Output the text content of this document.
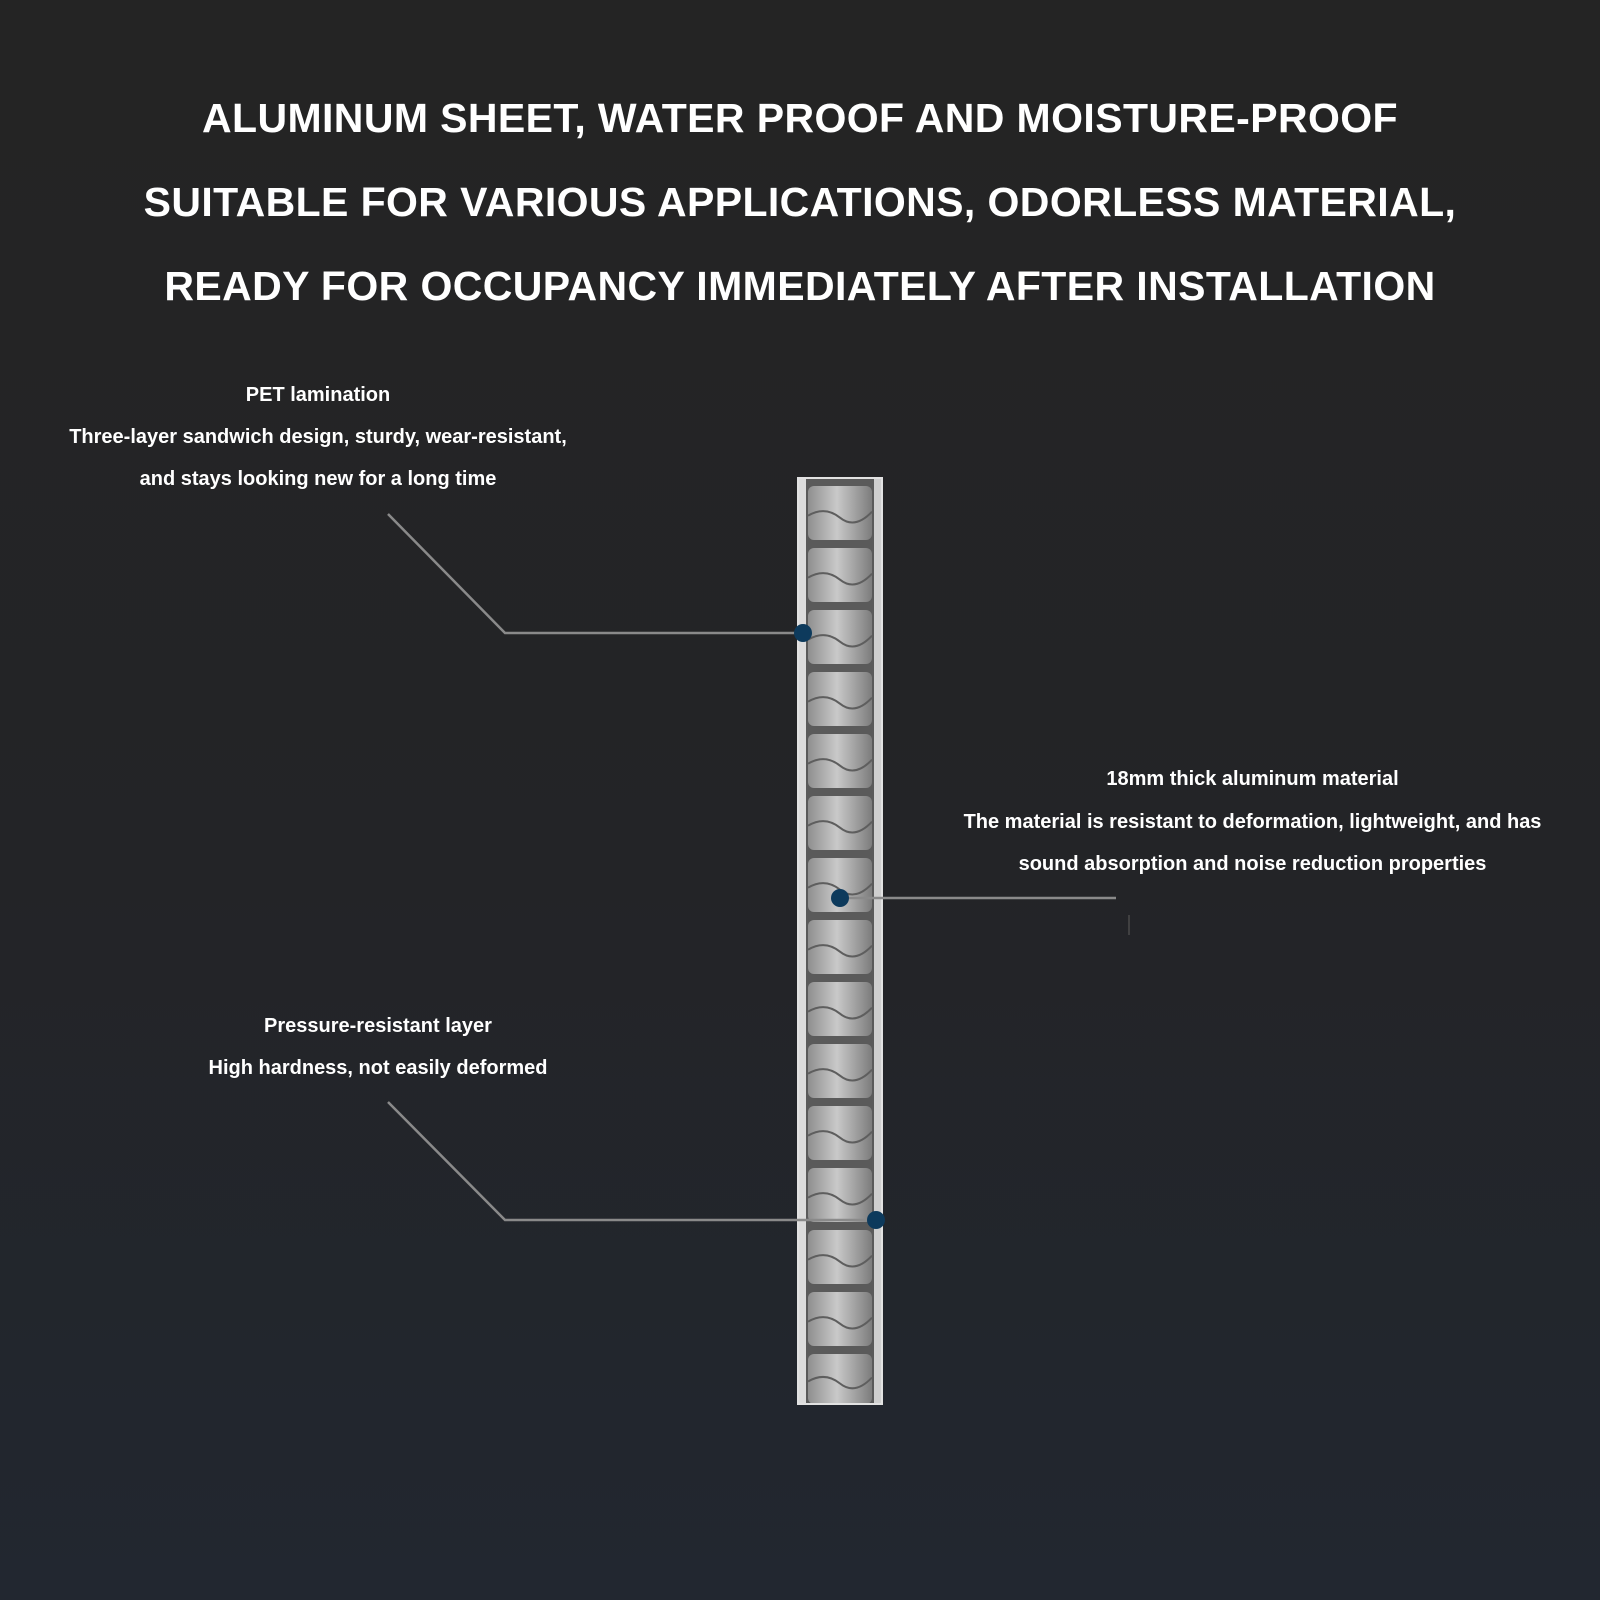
ALUMINUM SHEET, WATER PROOF AND MOISTURE-PROOF
SUITABLE FOR VARIOUS APPLICATIONS, ODORLESS MATERIAL,
READY FOR OCCUPANCY IMMEDIATELY AFTER INSTALLATION
PET lamination
Three-layer sandwich design, sturdy, wear-resistant,
and stays looking new for a long time
18mm thick aluminum material
The material is resistant to deformation, lightweight, and has
sound absorption and noise reduction properties
Pressure-resistant layer
High hardness, not easily deformed
